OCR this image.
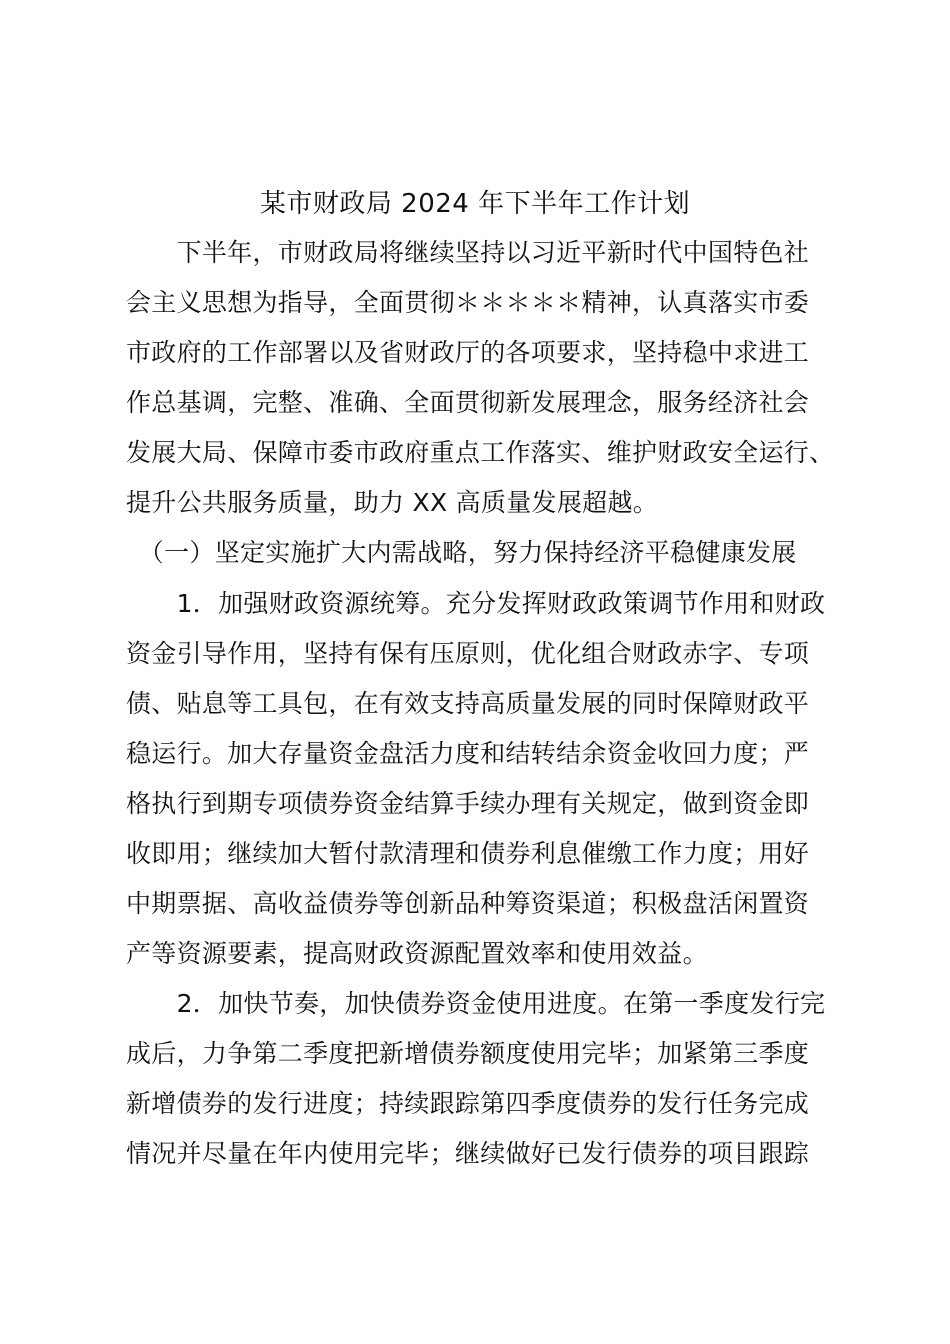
某市财政局 2024 年下半年工作计划
　　下半年，市财政局将继续坚持以习近平新时代中国特色社
会主义思想为指导，全面贯彻＊＊＊＊＊精神，认真落实市委
市政府的工作部署以及省财政厅的各项要求，坚持稳中求进工
作总基调，完整、准确、全面贯彻新发展理念，服务经济社会
发展大局、保障市委市政府重点工作落实、维护财政安全运行、
提升公共服务质量，助力 XX 高质量发展超越。
　（一）坚定实施扩大内需战略，努力保持经济平稳健康发展
　　1．加强财政资源统筹。充分发挥财政政策调节作用和财政
资金引导作用，坚持有保有压原则，优化组合财政赤字、专项
债、贴息等工具包，在有效支持高质量发展的同时保障财政平
稳运行。加大存量资金盘活力度和结转结余资金收回力度；严
格执行到期专项债券资金结算手续办理有关规定，做到资金即
收即用；继续加大暂付款清理和债券利息催缴工作力度；用好
中期票据、高收益债券等创新品种筹资渠道；积极盘活闲置资
产等资源要素，提高财政资源配置效率和使用效益。
　　2．加快节奏，加快债券资金使用进度。在第一季度发行完
成后，力争第二季度把新增债券额度使用完毕；加紧第三季度
新增债券的发行进度；持续跟踪第四季度债券的发行任务完成
情况并尽量在年内使用完毕；继续做好已发行债券的项目跟踪
